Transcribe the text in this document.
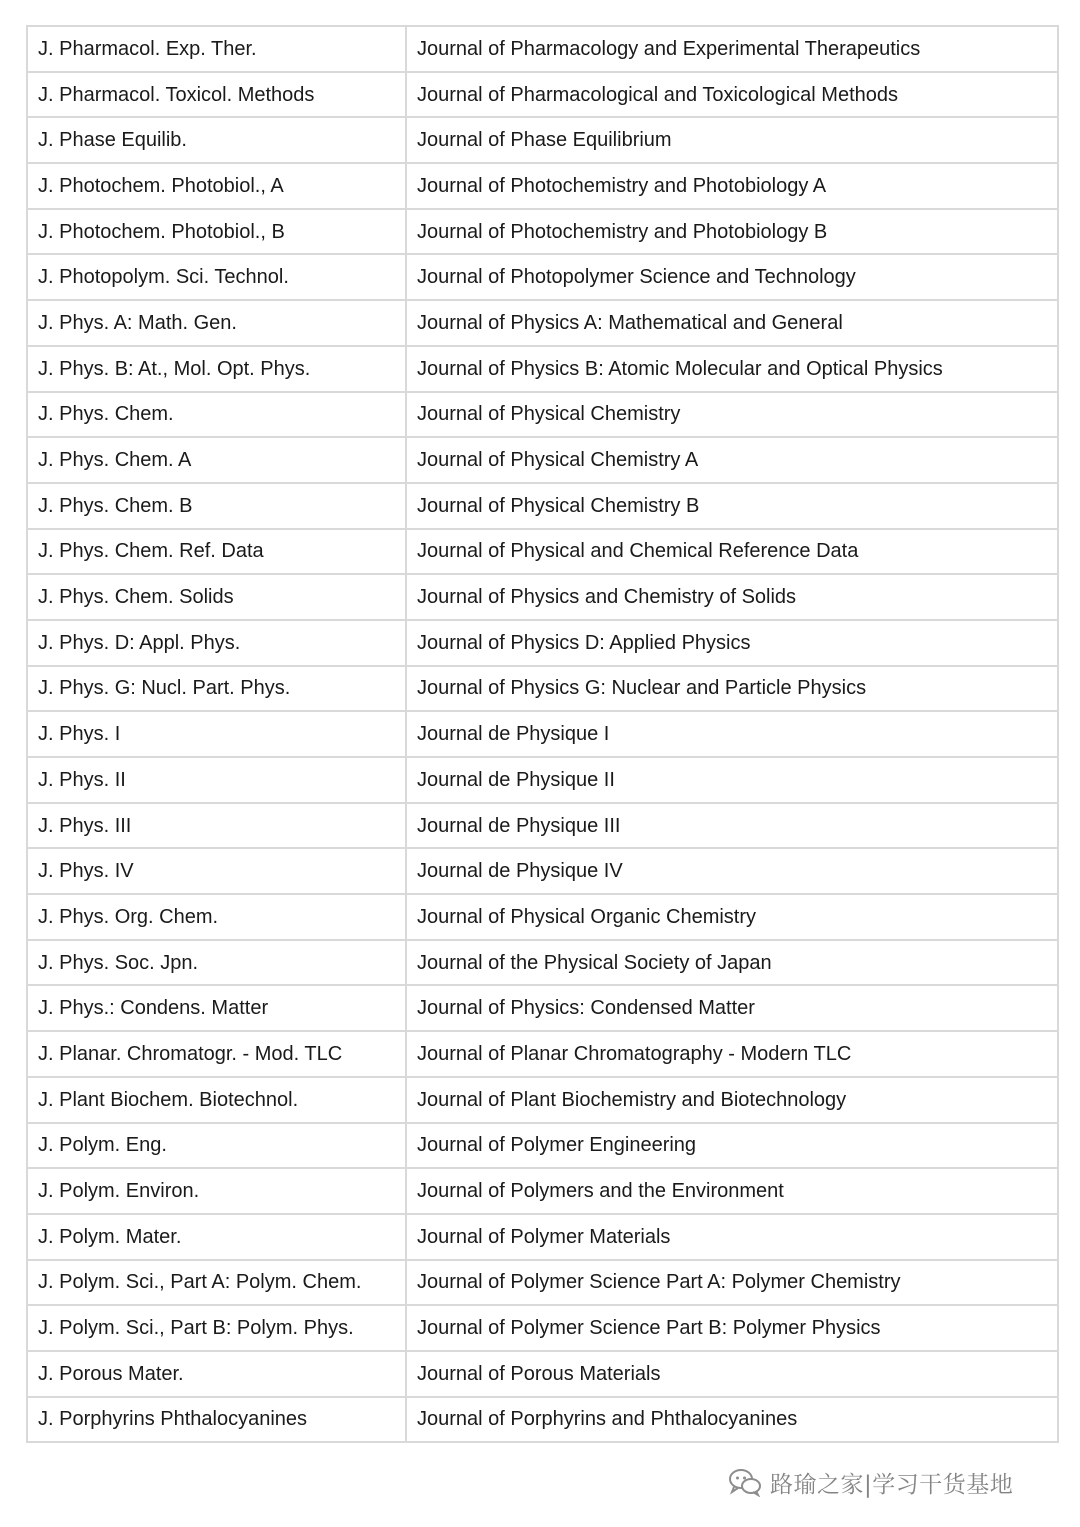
J. Pharmacol. Exp. Ther.	Journal of Pharmacology and Experimental Therapeutics
J. Pharmacol. Toxicol. Methods	Journal of Pharmacological and Toxicological Methods
J. Phase Equilib.	Journal of Phase Equilibrium
J. Photochem. Photobiol., A	Journal of Photochemistry and Photobiology A
J. Photochem. Photobiol., B	Journal of Photochemistry and Photobiology B
J. Photopolym. Sci. Technol.	Journal of Photopolymer Science and Technology
J. Phys. A: Math. Gen.	Journal of Physics A: Mathematical and General
J. Phys. B: At., Mol. Opt. Phys.	Journal of Physics B: Atomic Molecular and Optical Physics
J. Phys. Chem.	Journal of Physical Chemistry
J. Phys. Chem. A	Journal of Physical Chemistry A
J. Phys. Chem. B	Journal of Physical Chemistry B
J. Phys. Chem. Ref. Data	Journal of Physical and Chemical Reference Data
J. Phys. Chem. Solids	Journal of Physics and Chemistry of Solids
J. Phys. D: Appl. Phys.	Journal of Physics D: Applied Physics
J. Phys. G: Nucl. Part. Phys.	Journal of Physics G: Nuclear and Particle Physics
J. Phys. I	Journal de Physique I
J. Phys. II	Journal de Physique II
J. Phys. III	Journal de Physique III
J. Phys. IV	Journal de Physique IV
J. Phys. Org. Chem.	Journal of Physical Organic Chemistry
J. Phys. Soc. Jpn.	Journal of the Physical Society of Japan
J. Phys.: Condens. Matter	Journal of Physics: Condensed Matter
J. Planar. Chromatogr. - Mod. TLC	Journal of Planar Chromatography - Modern TLC
J. Plant Biochem. Biotechnol.	Journal of Plant Biochemistry and Biotechnology
J. Polym. Eng.	Journal of Polymer Engineering
J. Polym. Environ.	Journal of Polymers and the Environment
J. Polym. Mater.	Journal of Polymer Materials
J. Polym. Sci., Part A: Polym. Chem.	Journal of Polymer Science Part A: Polymer Chemistry
J. Polym. Sci., Part B: Polym. Phys.	Journal of Polymer Science Part B: Polymer Physics
J. Porous Mater.	Journal of Porous Materials
J. Porphyrins Phthalocyanines	Journal of Porphyrins and Phthalocyanines
路瑜之家|学习干货基地
